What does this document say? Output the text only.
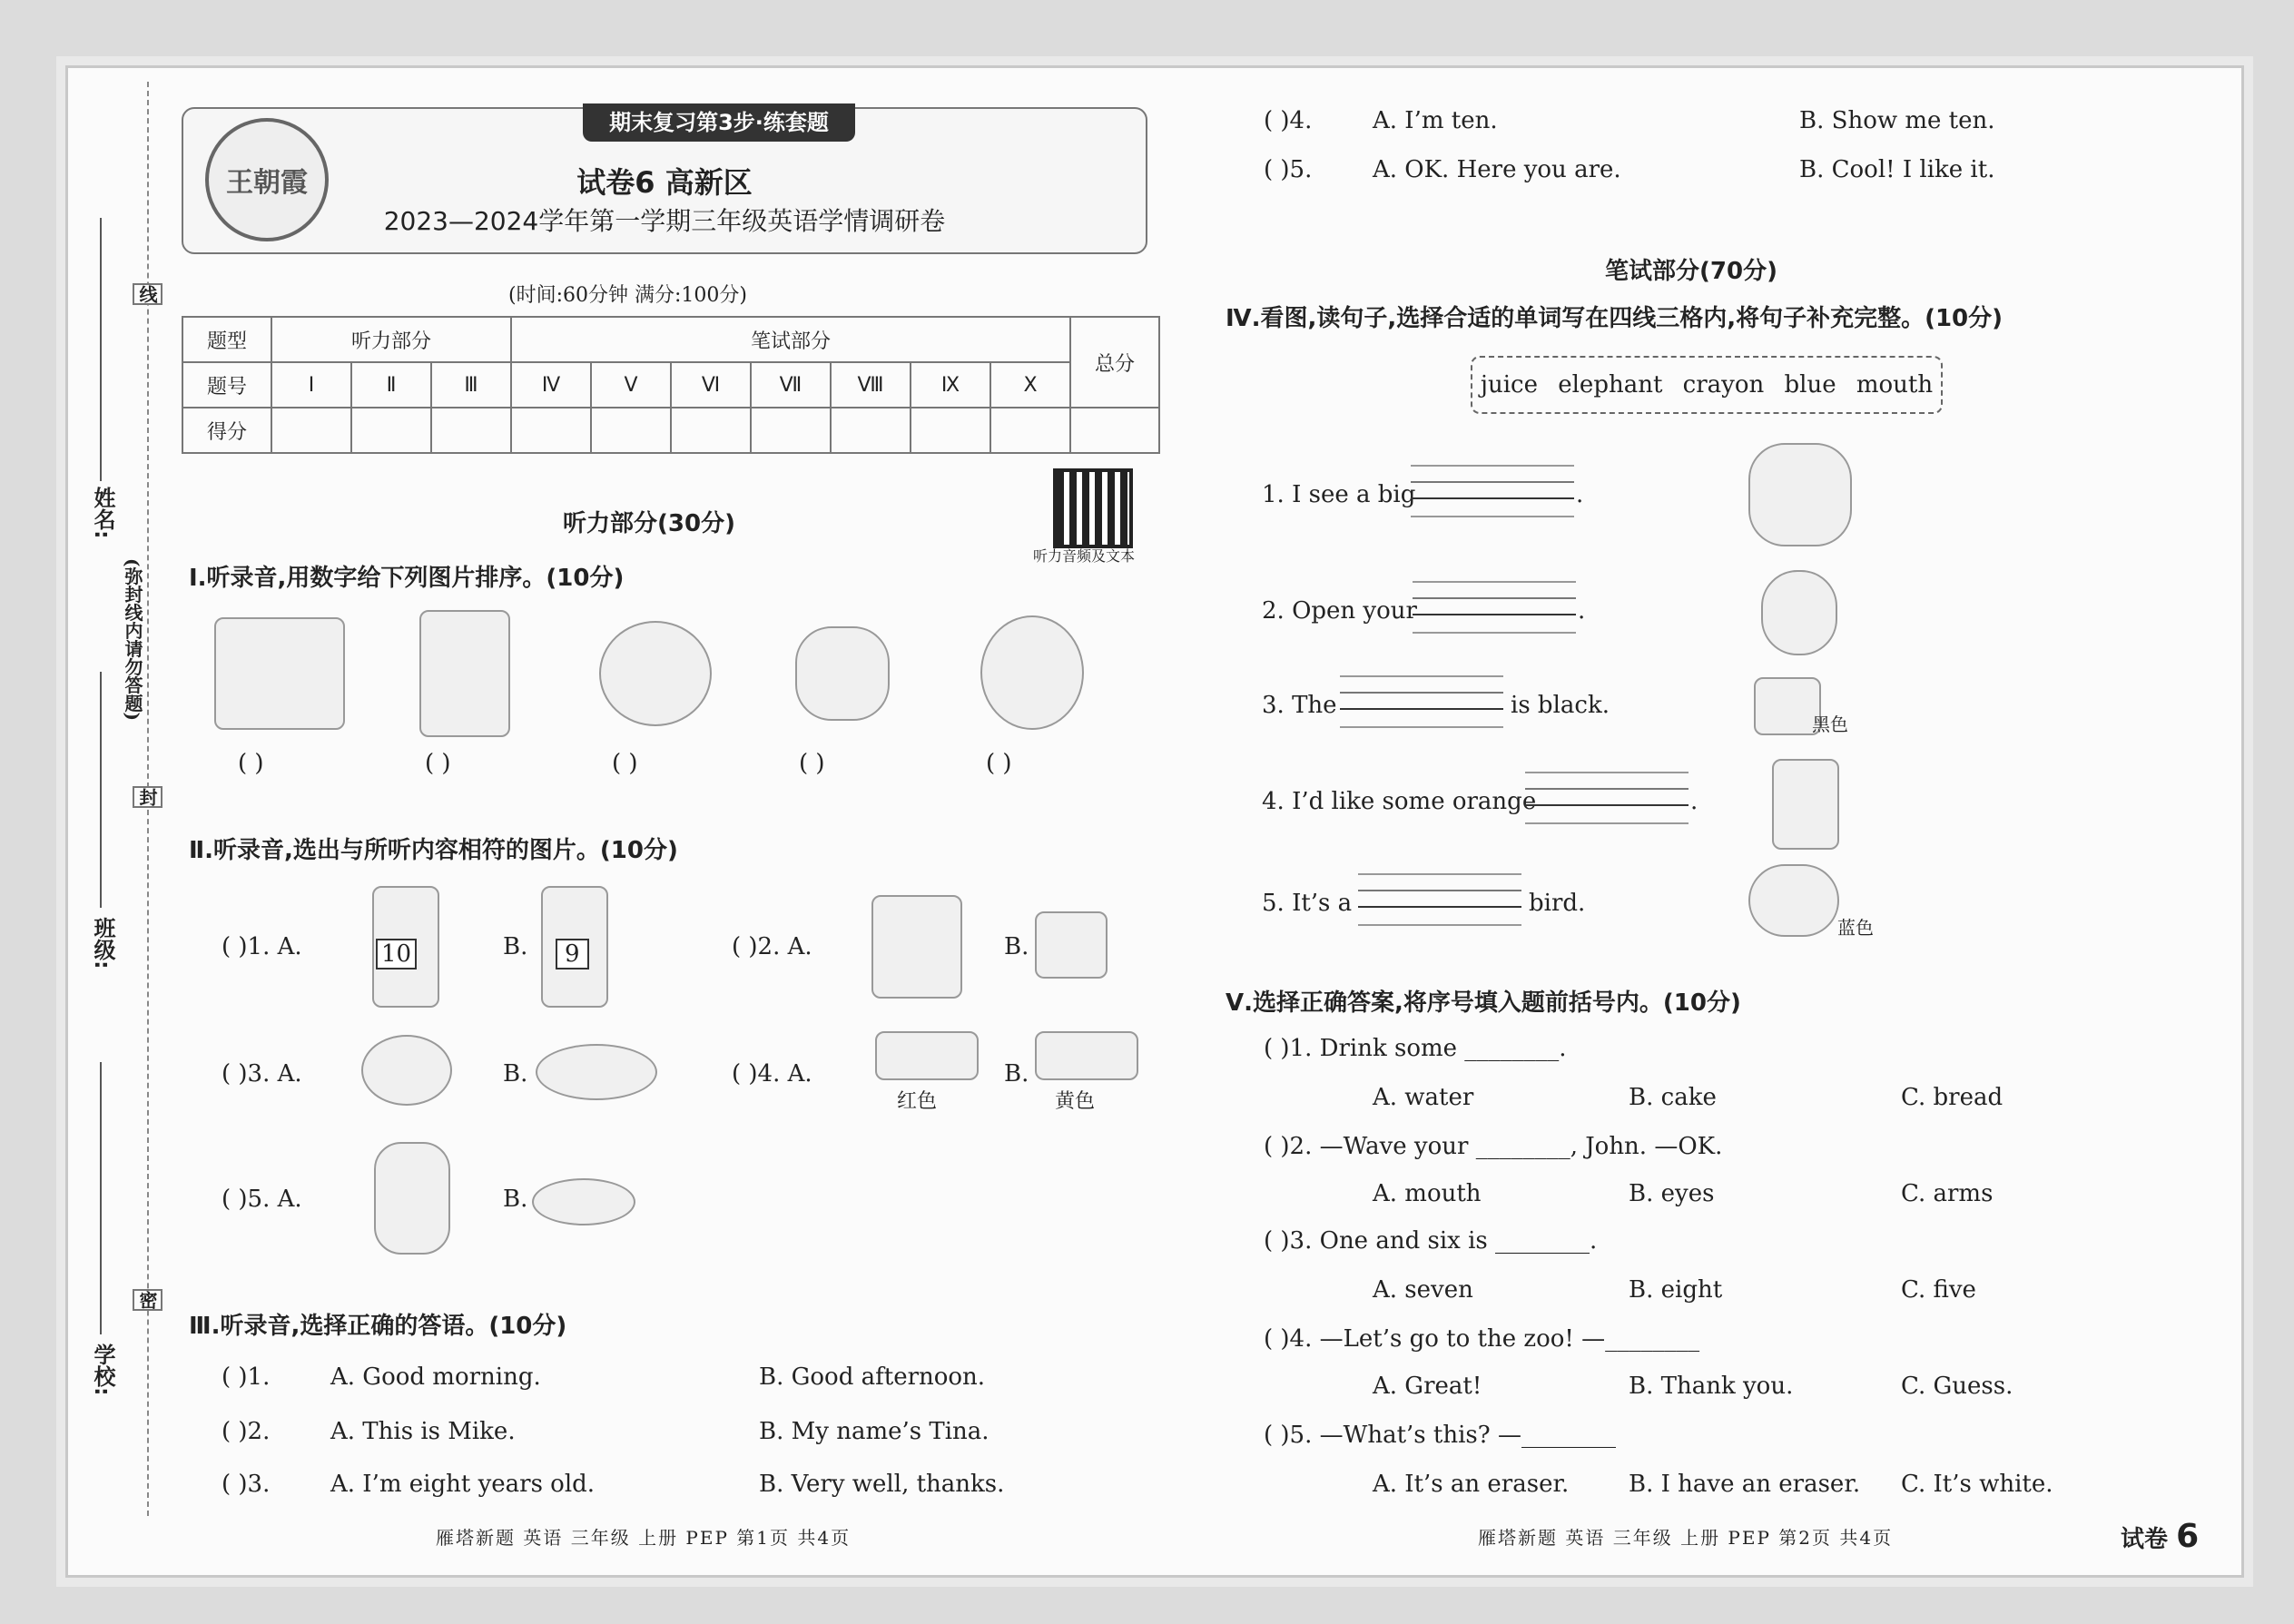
姓名:
班级:
学校:
线
(弥封线内请勿答题)
封
密
期末复习第3步·练套题
王朝霞	试卷6 高新区
2023—2024学年第一学期三年级英语学情调研卷
(时间:60分钟 满分:100分)
题型	听力部分			笔试部分							总分
题号	Ⅰ	Ⅱ	Ⅲ	Ⅳ	Ⅴ	Ⅵ	Ⅶ	Ⅷ	Ⅸ	Ⅹ	
得分											
听力音频及文本
听力部分(30分)
Ⅰ.听录音,用数字给下列图片排序。(10分)
( )	( )	( )	( )	( )
Ⅱ.听录音,选出与所听内容相符的图片。(10分)
( )1. A.	10	B.	9	( )2. A.	B.
( )3. A.	B.	( )4. A.
红色
B.
黄色
( )5. A.	B.
Ⅲ.听录音,选择正确的答语。(10分)
( )1.	A. Good morning.	B. Good afternoon.
( )2.	A. This is Mike.	B. My name’s Tina.
( )3.	A. I’m eight years old.	B. Very well, thanks.
雁塔新题 英语 三年级 上册 PEP 第1页 共4页
( )4.	A. I’m ten.	B. Show me ten.
( )5.	A. OK. Here you are.	B. Cool! I like it.
笔试部分(70分)
Ⅳ.看图,读句子,选择合适的单词写在四线三格内,将句子补充完整。(10分)
juice elephant crayon blue mouth
1. I see a big	.
2. Open your	.
3. The	is black.
黑色
4. I’d like some orange	.
5. It’s a	bird.
蓝色
Ⅴ.选择正确答案,将序号填入题前括号内。(10分)
( )1. Drink some ________.
A. water	B. cake	C. bread
( )2. —Wave your ________, John. —OK.
A. mouth	B. eyes	C. arms
( )3. One and six is ________.
A. seven	B. eight	C. five
( )4. —Let’s go to the zoo! —________
A. Great!	B. Thank you.	C. Guess.
( )5. —What’s this? —________
A. It’s an eraser.	B. I have an eraser. C. It’s white.
雁塔新题 英语 三年级 上册 PEP 第2页 共4页	试卷 6
